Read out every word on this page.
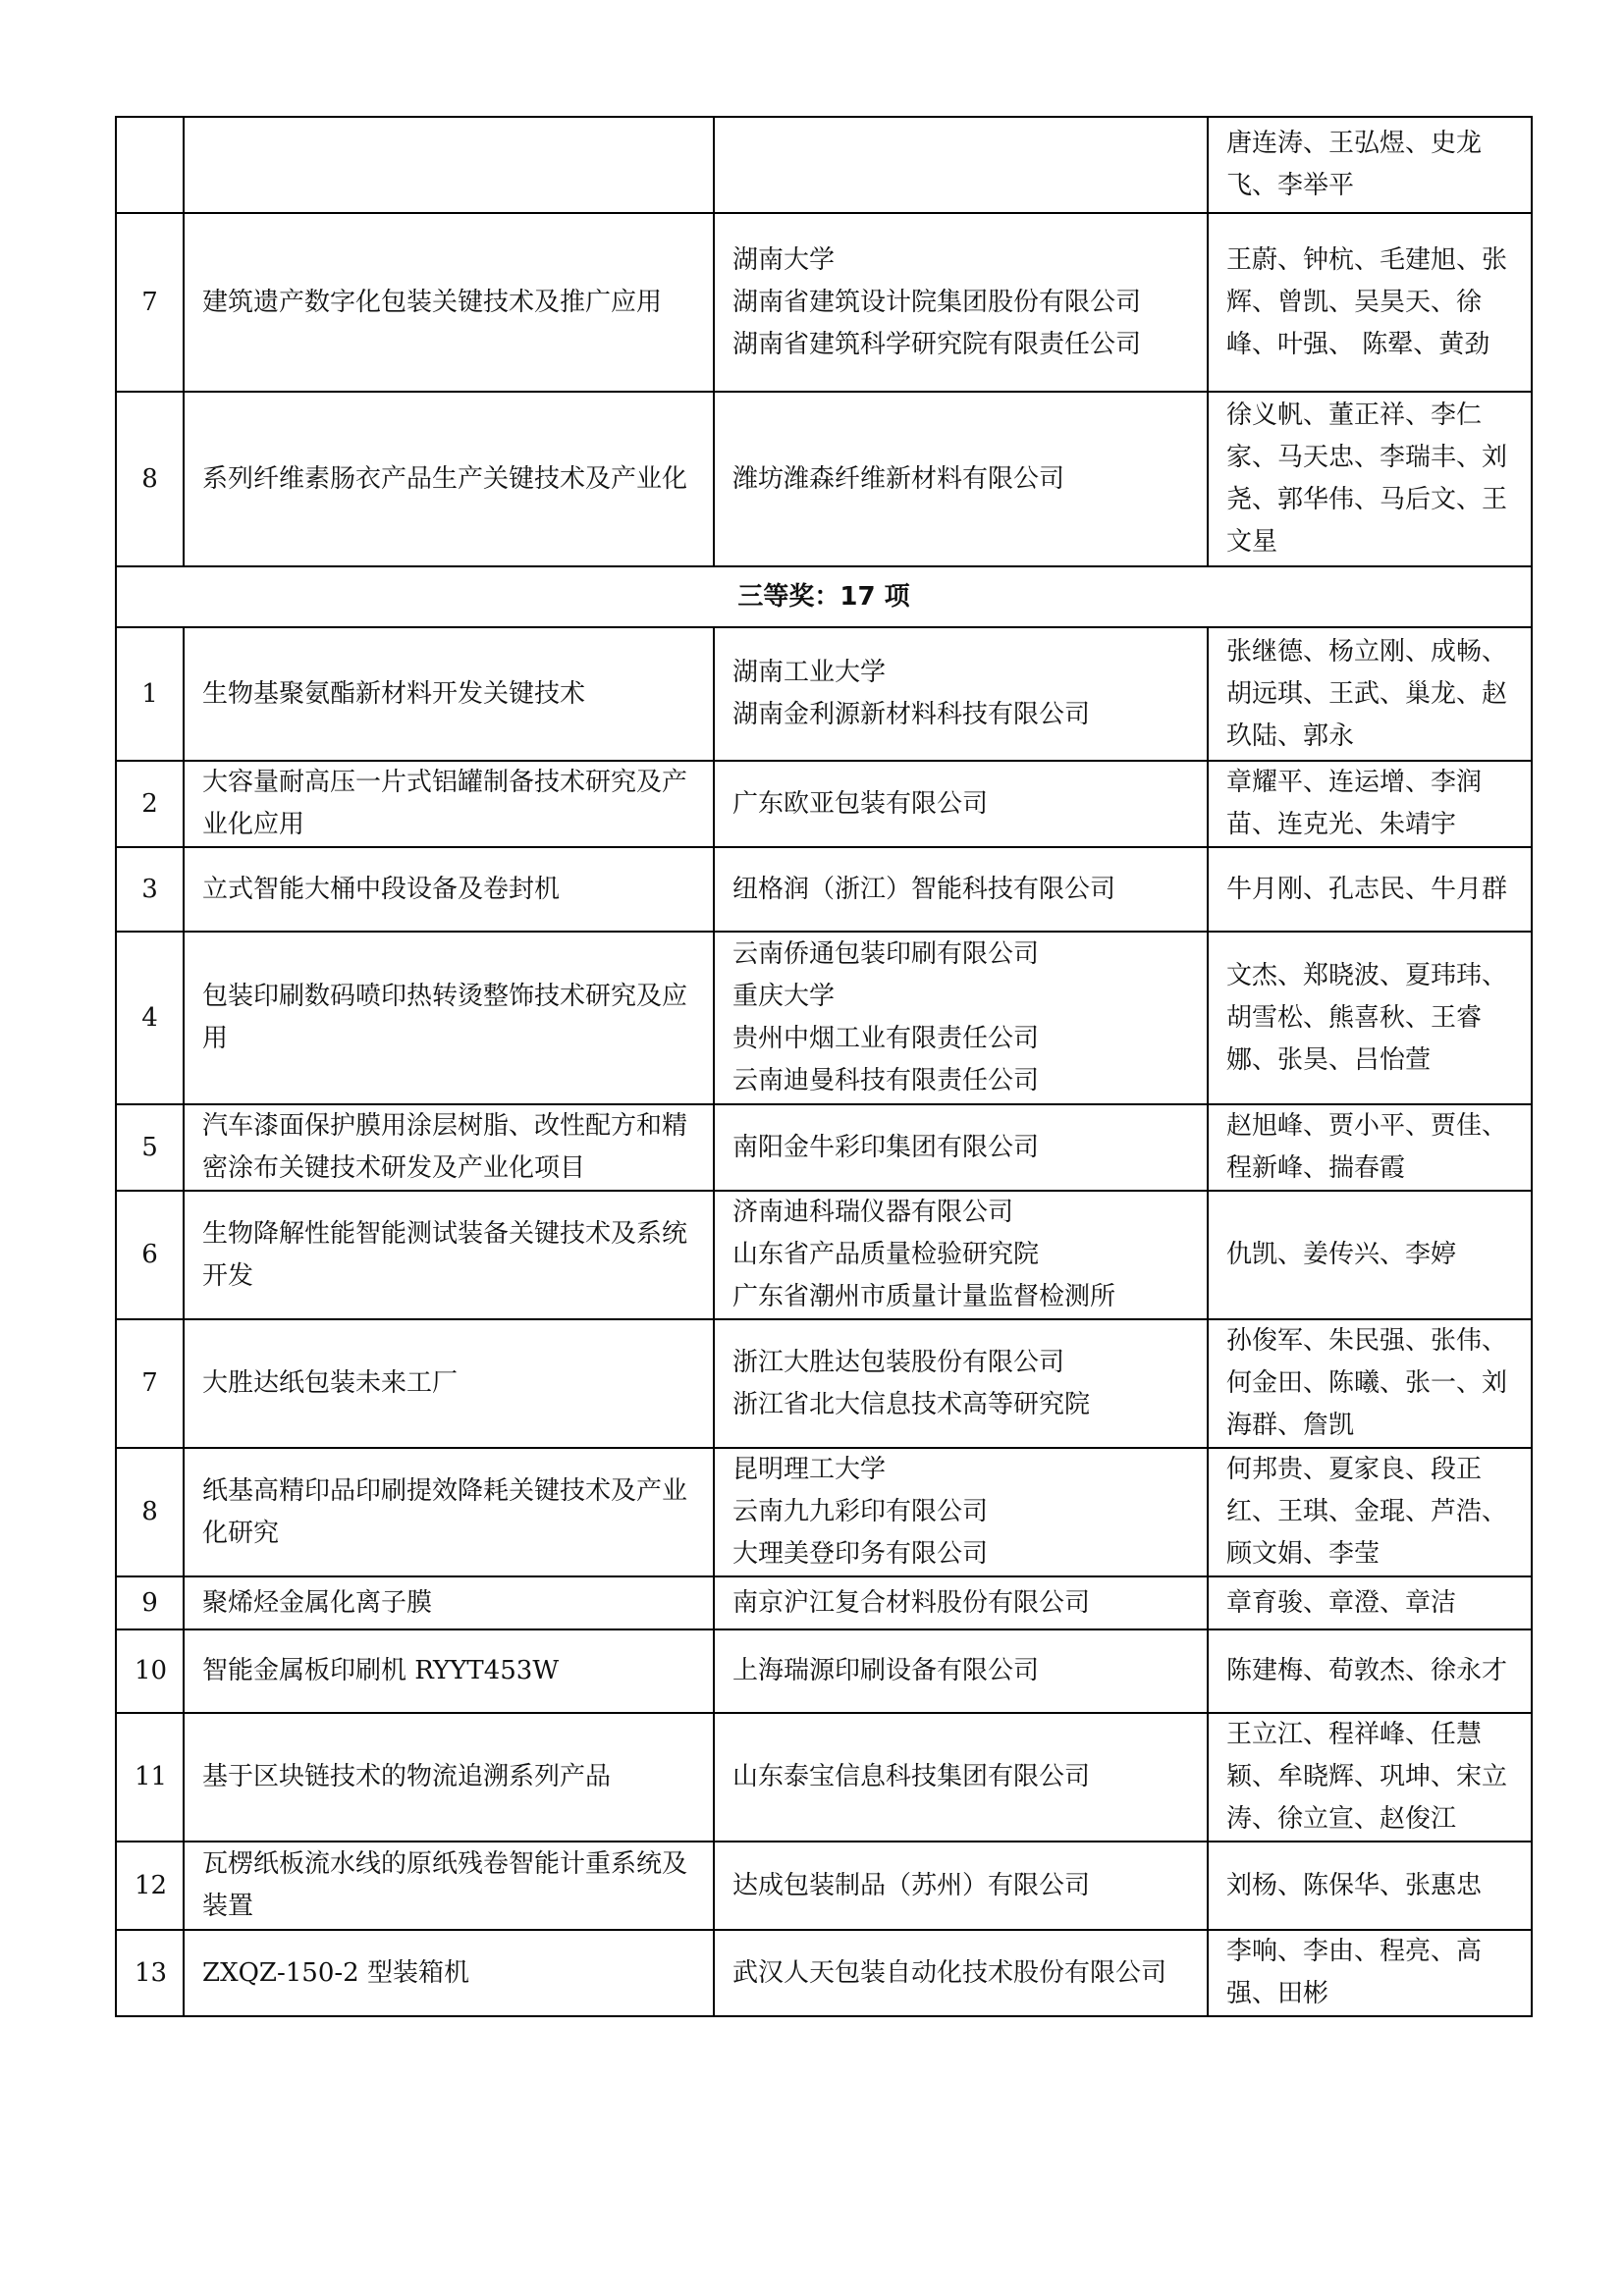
			唐连涛、王弘煜、史龙飞、李举平
7	建筑遗产数字化包装关键技术及推广应用	湖南大学
湖南省建筑设计院集团股份有限公司
湖南省建筑科学研究院有限责任公司	王蔚、钟杭、毛建旭、张辉、曾凯、吴昊天、徐峰、叶强、 陈翚、黄劲
8	系列纤维素肠衣产品生产关键技术及产业化	潍坊潍森纤维新材料有限公司	徐义帆、董正祥、李仁家、马天忠、李瑞丰、刘尧、郭华伟、马后文、王文星
三等奖：17 项			
1	生物基聚氨酯新材料开发关键技术	湖南工业大学
湖南金利源新材料科技有限公司	张继德、杨立刚、成畅、胡远琪、王武、巢龙、赵玖陆、郭永
2	大容量耐高压一片式铝罐制备技术研究及产业化应用	广东欧亚包装有限公司	章耀平、连运增、李润苗、连克光、朱靖宇
3	立式智能大桶中段设备及卷封机	纽格润（浙江）智能科技有限公司	牛月刚、孔志民、牛月群
4	包装印刷数码喷印热转烫整饰技术研究及应用	云南侨通包装印刷有限公司
重庆大学
贵州中烟工业有限责任公司
云南迪曼科技有限责任公司	文杰、郑晓波、夏玮玮、胡雪松、熊喜秋、王睿娜、张昊、吕怡萱
5	汽车漆面保护膜用涂层树脂、改性配方和精密涂布关键技术研发及产业化项目	南阳金牛彩印集团有限公司	赵旭峰、贾小平、贾佳、程新峰、揣春霞
6	生物降解性能智能测试装备关键技术及系统开发	济南迪科瑞仪器有限公司
山东省产品质量检验研究院
广东省潮州市质量计量监督检测所	仇凯、姜传兴、李婷
7	大胜达纸包装未来工厂	浙江大胜达包装股份有限公司
浙江省北大信息技术高等研究院	孙俊军、朱民强、张伟、何金田、陈曦、张一、刘海群、詹凯
8	纸基高精印品印刷提效降耗关键技术及产业化研究	昆明理工大学
云南九九彩印有限公司
大理美登印务有限公司	何邦贵、夏家良、段正红、王琪、金琨、芦浩、顾文娟、李莹
9	聚烯烃金属化离子膜	南京沪江复合材料股份有限公司	章育骏、章澄、章洁
10	智能金属板印刷机 RYYT453W	上海瑞源印刷设备有限公司	陈建梅、荀敦杰、徐永才
11	基于区块链技术的物流追溯系列产品	山东泰宝信息科技集团有限公司	王立江、程祥峰、任慧颖、牟晓辉、巩坤、宋立涛、徐立宣、赵俊江
12	瓦楞纸板流水线的原纸残卷智能计重系统及装置	达成包装制品（苏州）有限公司	刘杨、陈保华、张惠忠
13	ZXQZ-150-2 型装箱机	武汉人天包装自动化技术股份有限公司	李响、李由、程亮、高强、田彬
